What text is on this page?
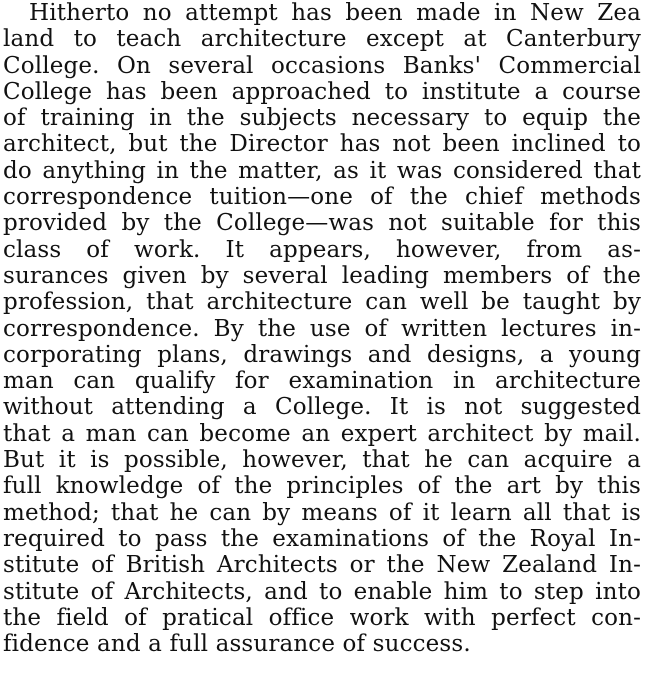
Hitherto no attempt has been made in New Zea
land to teach architecture except at Canterbury
College. On several occasions Banks' Commercial
College has been approached to institute a course
of training in the subjects necessary to equip the
architect, but the Director has not been inclined to
do anything in the matter, as it was considered that
correspondence tuition—one of the chief methods
provided by the College—was not suitable for this
class of work. It appears, however, from as-
surances given by several leading members of the
profession, that architecture can well be taught by
correspondence. By the use of written lectures in-
corporating plans, drawings and designs, a young
man can qualify for examination in architecture
without attending a College. It is not suggested
that a man can become an expert architect by mail.
But it is possible, however, that he can acquire a
full knowledge of the principles of the art by this
method; that he can by means of it learn all that is
required to pass the examinations of the Royal In-
stitute of British Architects or the New Zealand In-
stitute of Architects, and to enable him to step into
the field of pratical office work with perfect con-
fidence and a full assurance of success.
